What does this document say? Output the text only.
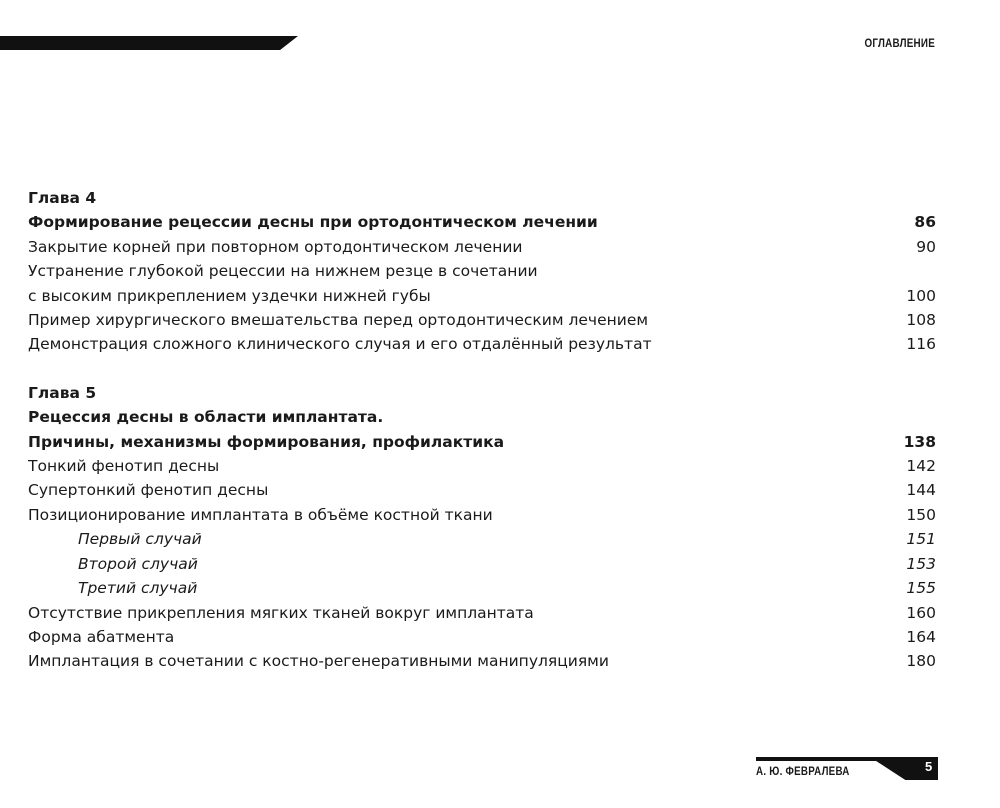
ОГЛАВЛЕНИЕ
Глава 4
Формирование рецессии десны при ортодонтическом лечении	86
Закрытие корней при повторном ортодонтическом лечении	90
Устранение глубокой рецессии на нижнем резце в сочетании
с высоким прикреплением уздечки нижней губы	100
Пример хирургического вмешательства перед ортодонтическим лечением	108
Демонстрация сложного клинического случая и его отдалённый результат	116
Глава 5
Рецессия десны в области имплантата.
Причины, механизмы формирования, профилактика	138
Тонкий фенотип десны	142
Супертонкий фенотип десны	144
Позиционирование имплантата в объёме костной ткани	150
Первый случай	151
Второй случай	153
Третий случай	155
Отсутствие прикрепления мягких тканей вокруг имплантата	160
Форма абатмента	164
Имплантация в сочетании с костно-регенеративными манипуляциями	180
А. Ю. ФЕВРАЛЕВА	5
